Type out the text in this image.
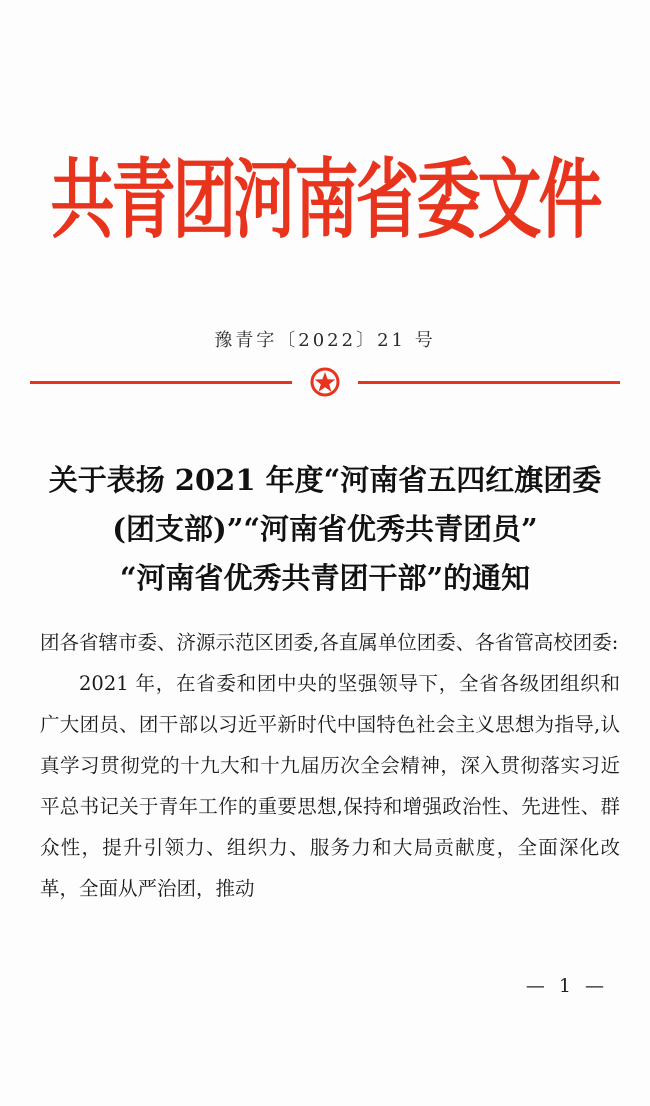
共青团河南省委文件
豫青字〔2022〕21 号
关于表扬 2021 年度“河南省五四红旗团委
(团支部)”“河南省优秀共青团员”
“河南省优秀共青团干部”的通知

团各省辖市委、济源示范区团委,各直属单位团委、各省管高校团委:

2021 年，在省委和团中央的坚强领导下，全省各级团组织和广大团员、团干部以习近平新时代中国特色社会主义思想为指导,认真学习贯彻党的十九大和十九届历次全会精神，深入贯彻落实习近平总书记关于青年工作的重要思想,保持和增强政治性、先进性、群众性，提升引领力、组织力、服务力和大局贡献度，全面深化改革，全面从严治团，推动

— 1 —
